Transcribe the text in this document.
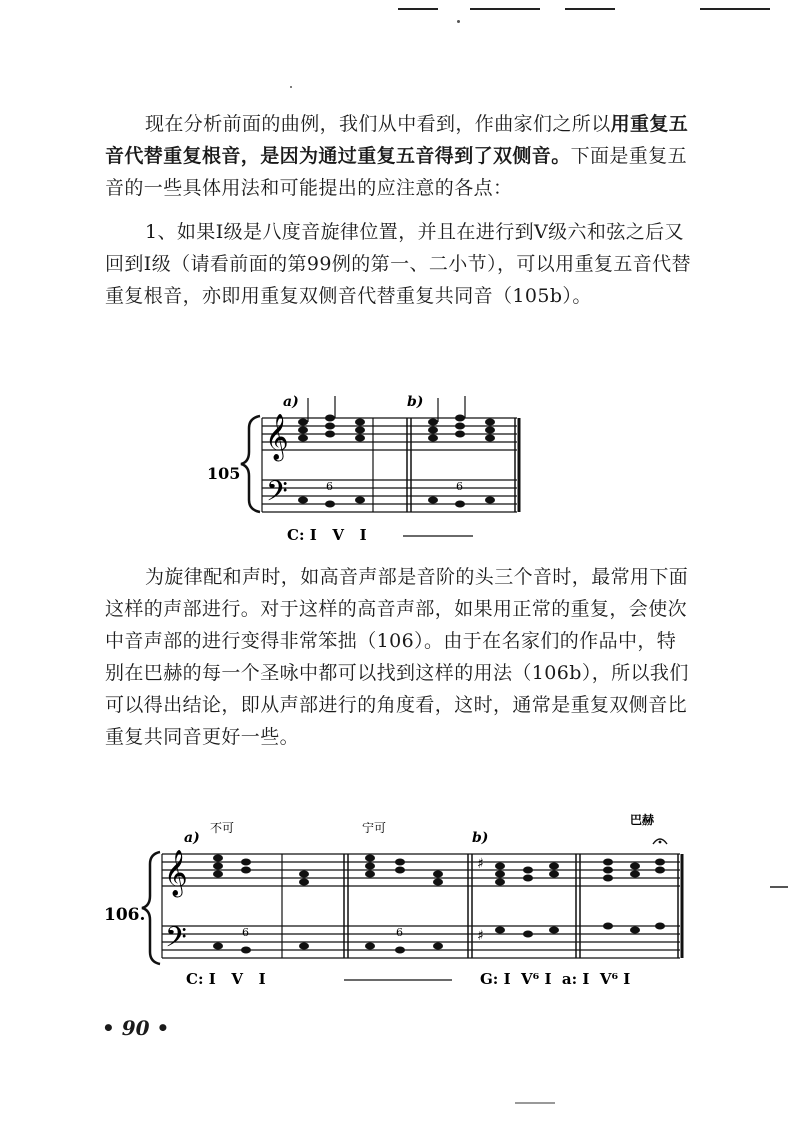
现在分析前面的曲例，我们从中看到，作曲家们之所以用重复五音代替重复根音，是因为通过重复五音得到了双侧音。下面是重复五音的一些具体用法和可能提出的应注意的各点：

1、如果Ⅰ级是八度音旋律位置，并且在进行到Ⅴ级六和弦之后又回到Ⅰ级（请看前面的第99例的第一、二小节），可以用重复五音代替重复根音，亦即用重复双侧音代替重复共同音（105b）。

105
a)	b)
𝄞
𝄢	6	6
C: I   V   I

为旋律配和声时，如高音声部是音阶的头三个音时，最常用下面这样的声部进行。对于这样的高音声部，如果用正常的重复，会使次中音声部的进行变得非常笨拙（106）。由于在名家们的作品中，特别在巴赫的每一个圣咏中都可以找到这样的用法（106b），所以我们可以得出结论，即从声部进行的角度看，这时，通常是重复双侧音比重复共同音更好一些。

106.
a)
不可	宁可
b)
巴赫
𝄞
𝄢
♯
♯
6	6
C: I   V   I	G: I  V⁶ I  a: I  V⁶ I
• 90 •
